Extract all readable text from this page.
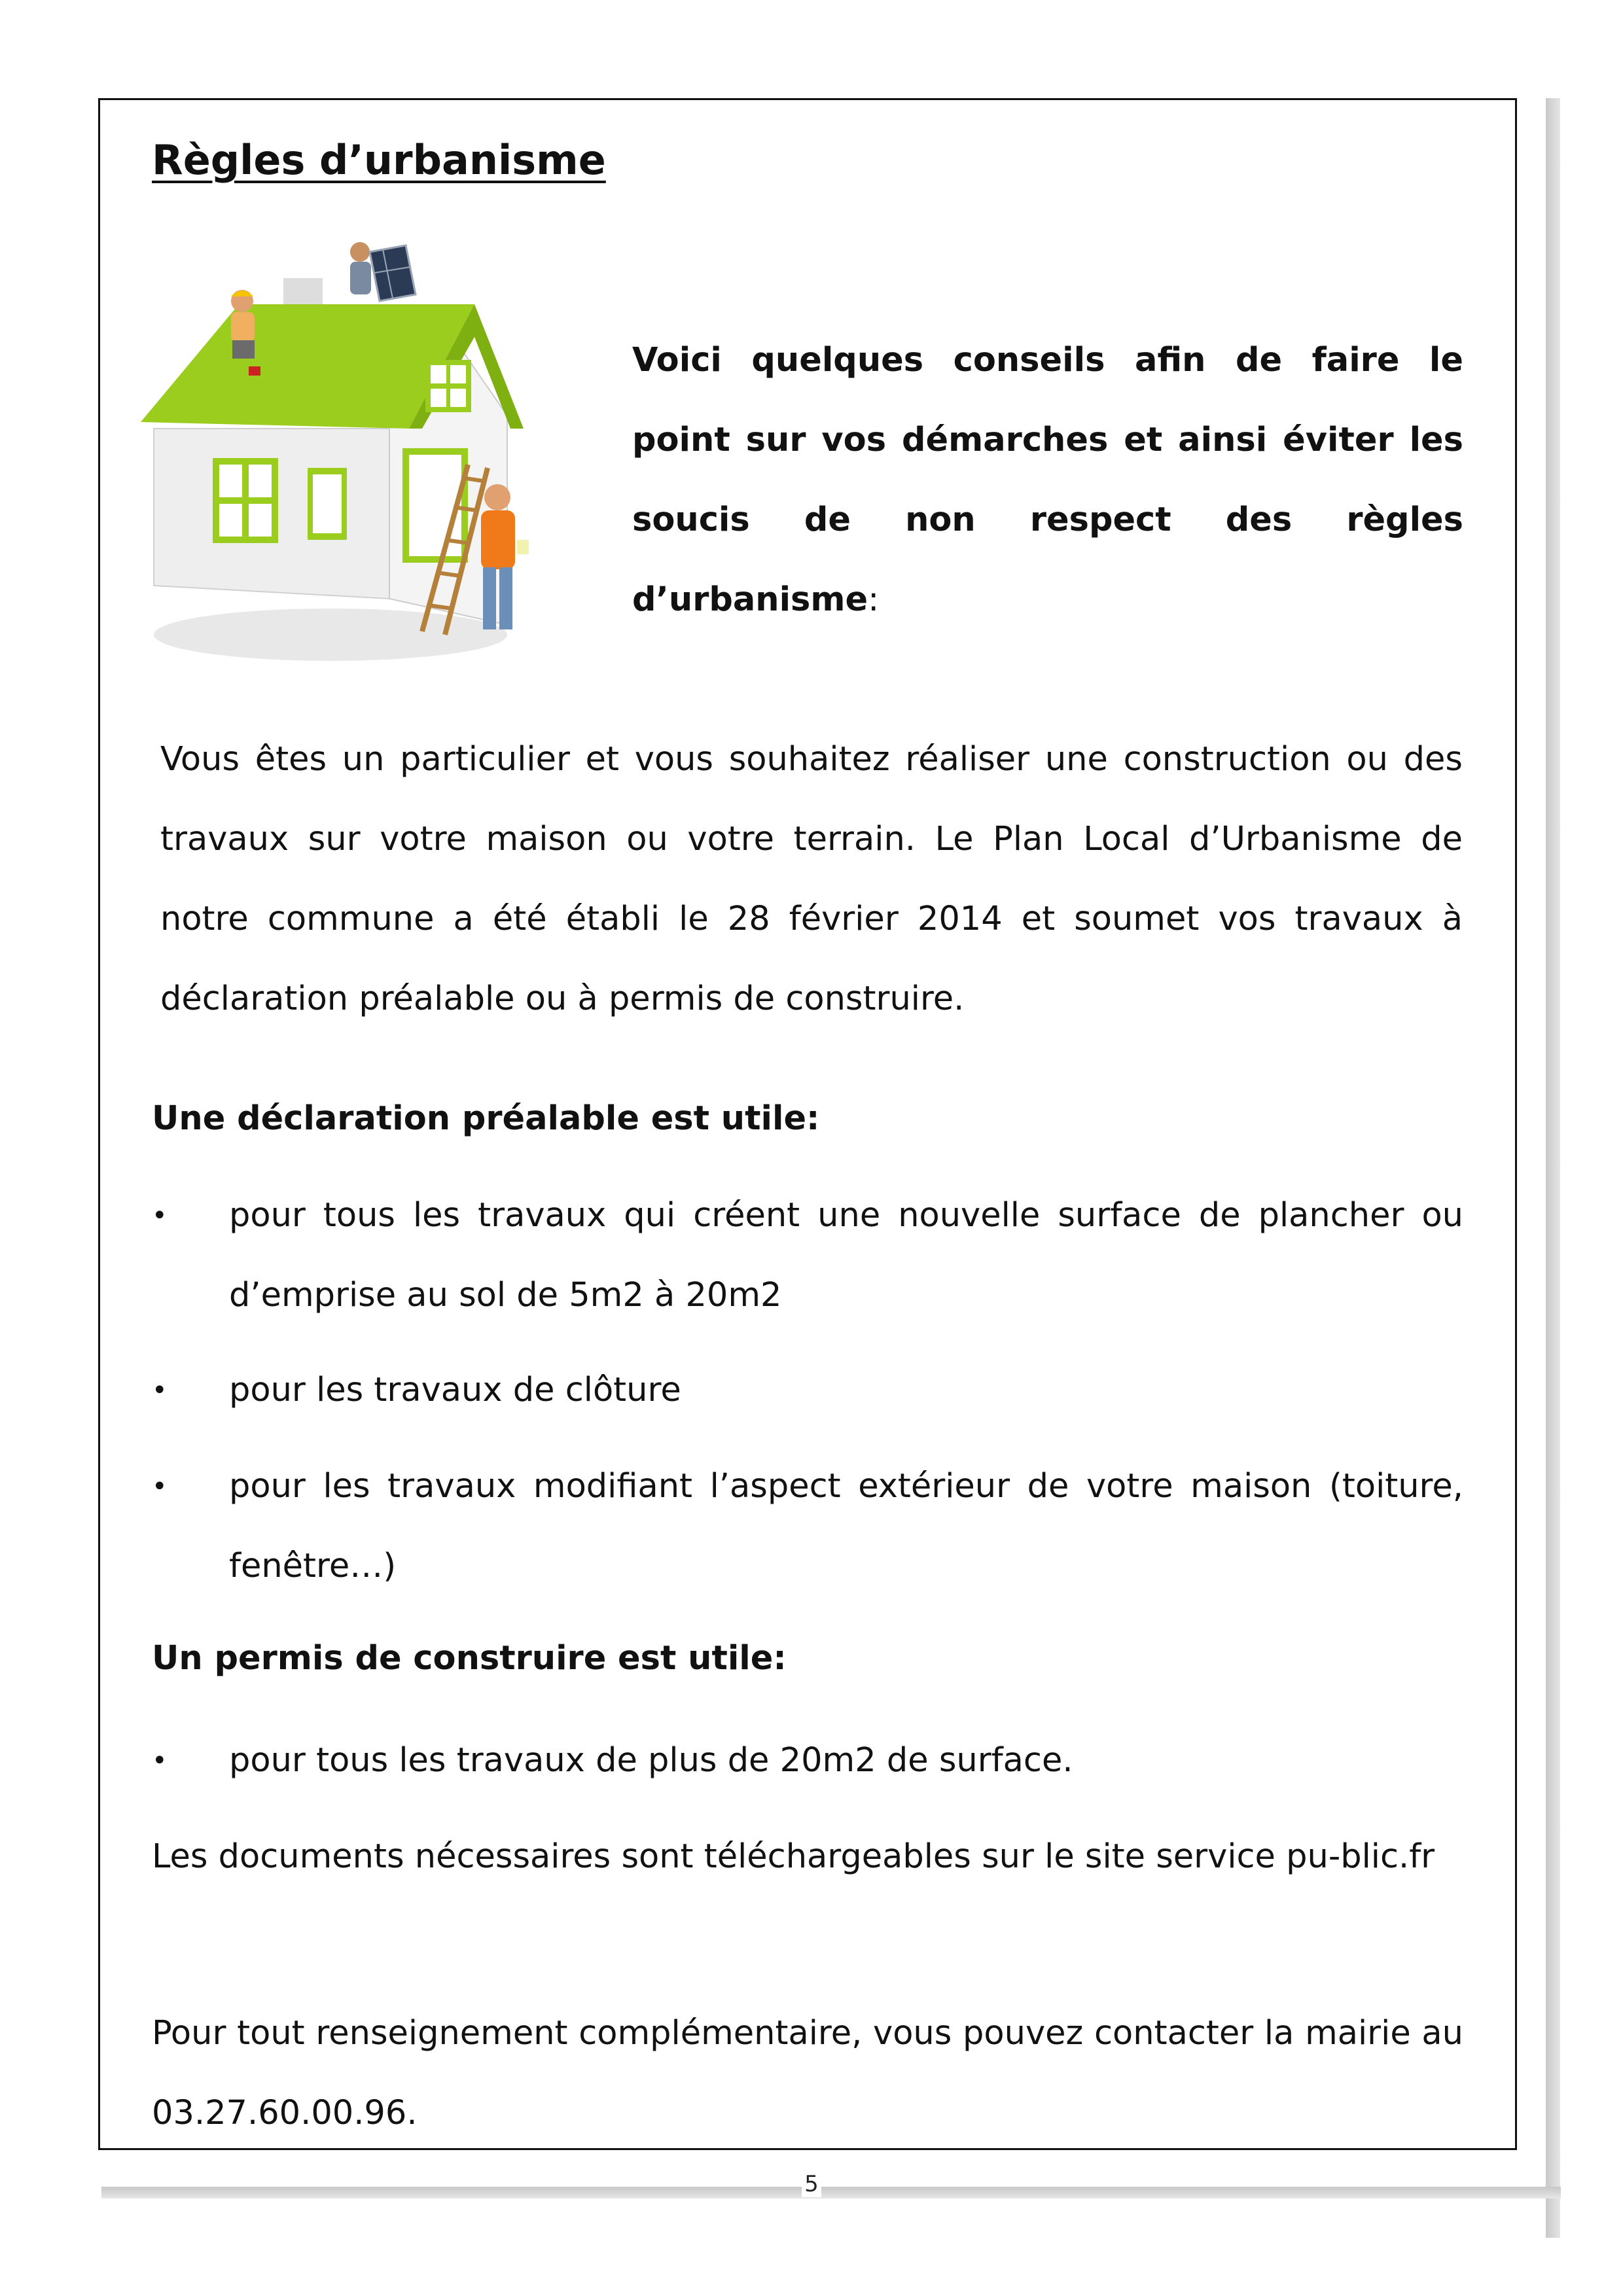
Règles d’urbanisme
Voici quelques conseils afin de faire le point sur vos démarches et ainsi éviter les soucis de non respect des règles d’urbanisme:
Vous êtes un particulier et vous souhaitez réaliser une construction ou des travaux sur votre maison ou votre terrain. Le Plan Local d’Urbanisme de notre commune a été établi le 28 février 2014 et soumet vos travaux à déclaration préalable ou à permis de construire.
Une déclaration préalable est utile:
• pour tous les travaux qui créent une nouvelle surface de plancher ou d’emprise au sol de 5m2 à 20m2
• pour les travaux de clôture
• pour les travaux modifiant l’aspect extérieur de votre maison (toiture, fenêtre…)
Un permis de construire est utile:
• pour tous les travaux de plus de 20m2 de surface.
Les documents nécessaires sont téléchargeables sur le site service pu-blic.fr
Pour tout renseignement complémentaire, vous pouvez contacter la mairie au 03.27.60.00.96.
5
